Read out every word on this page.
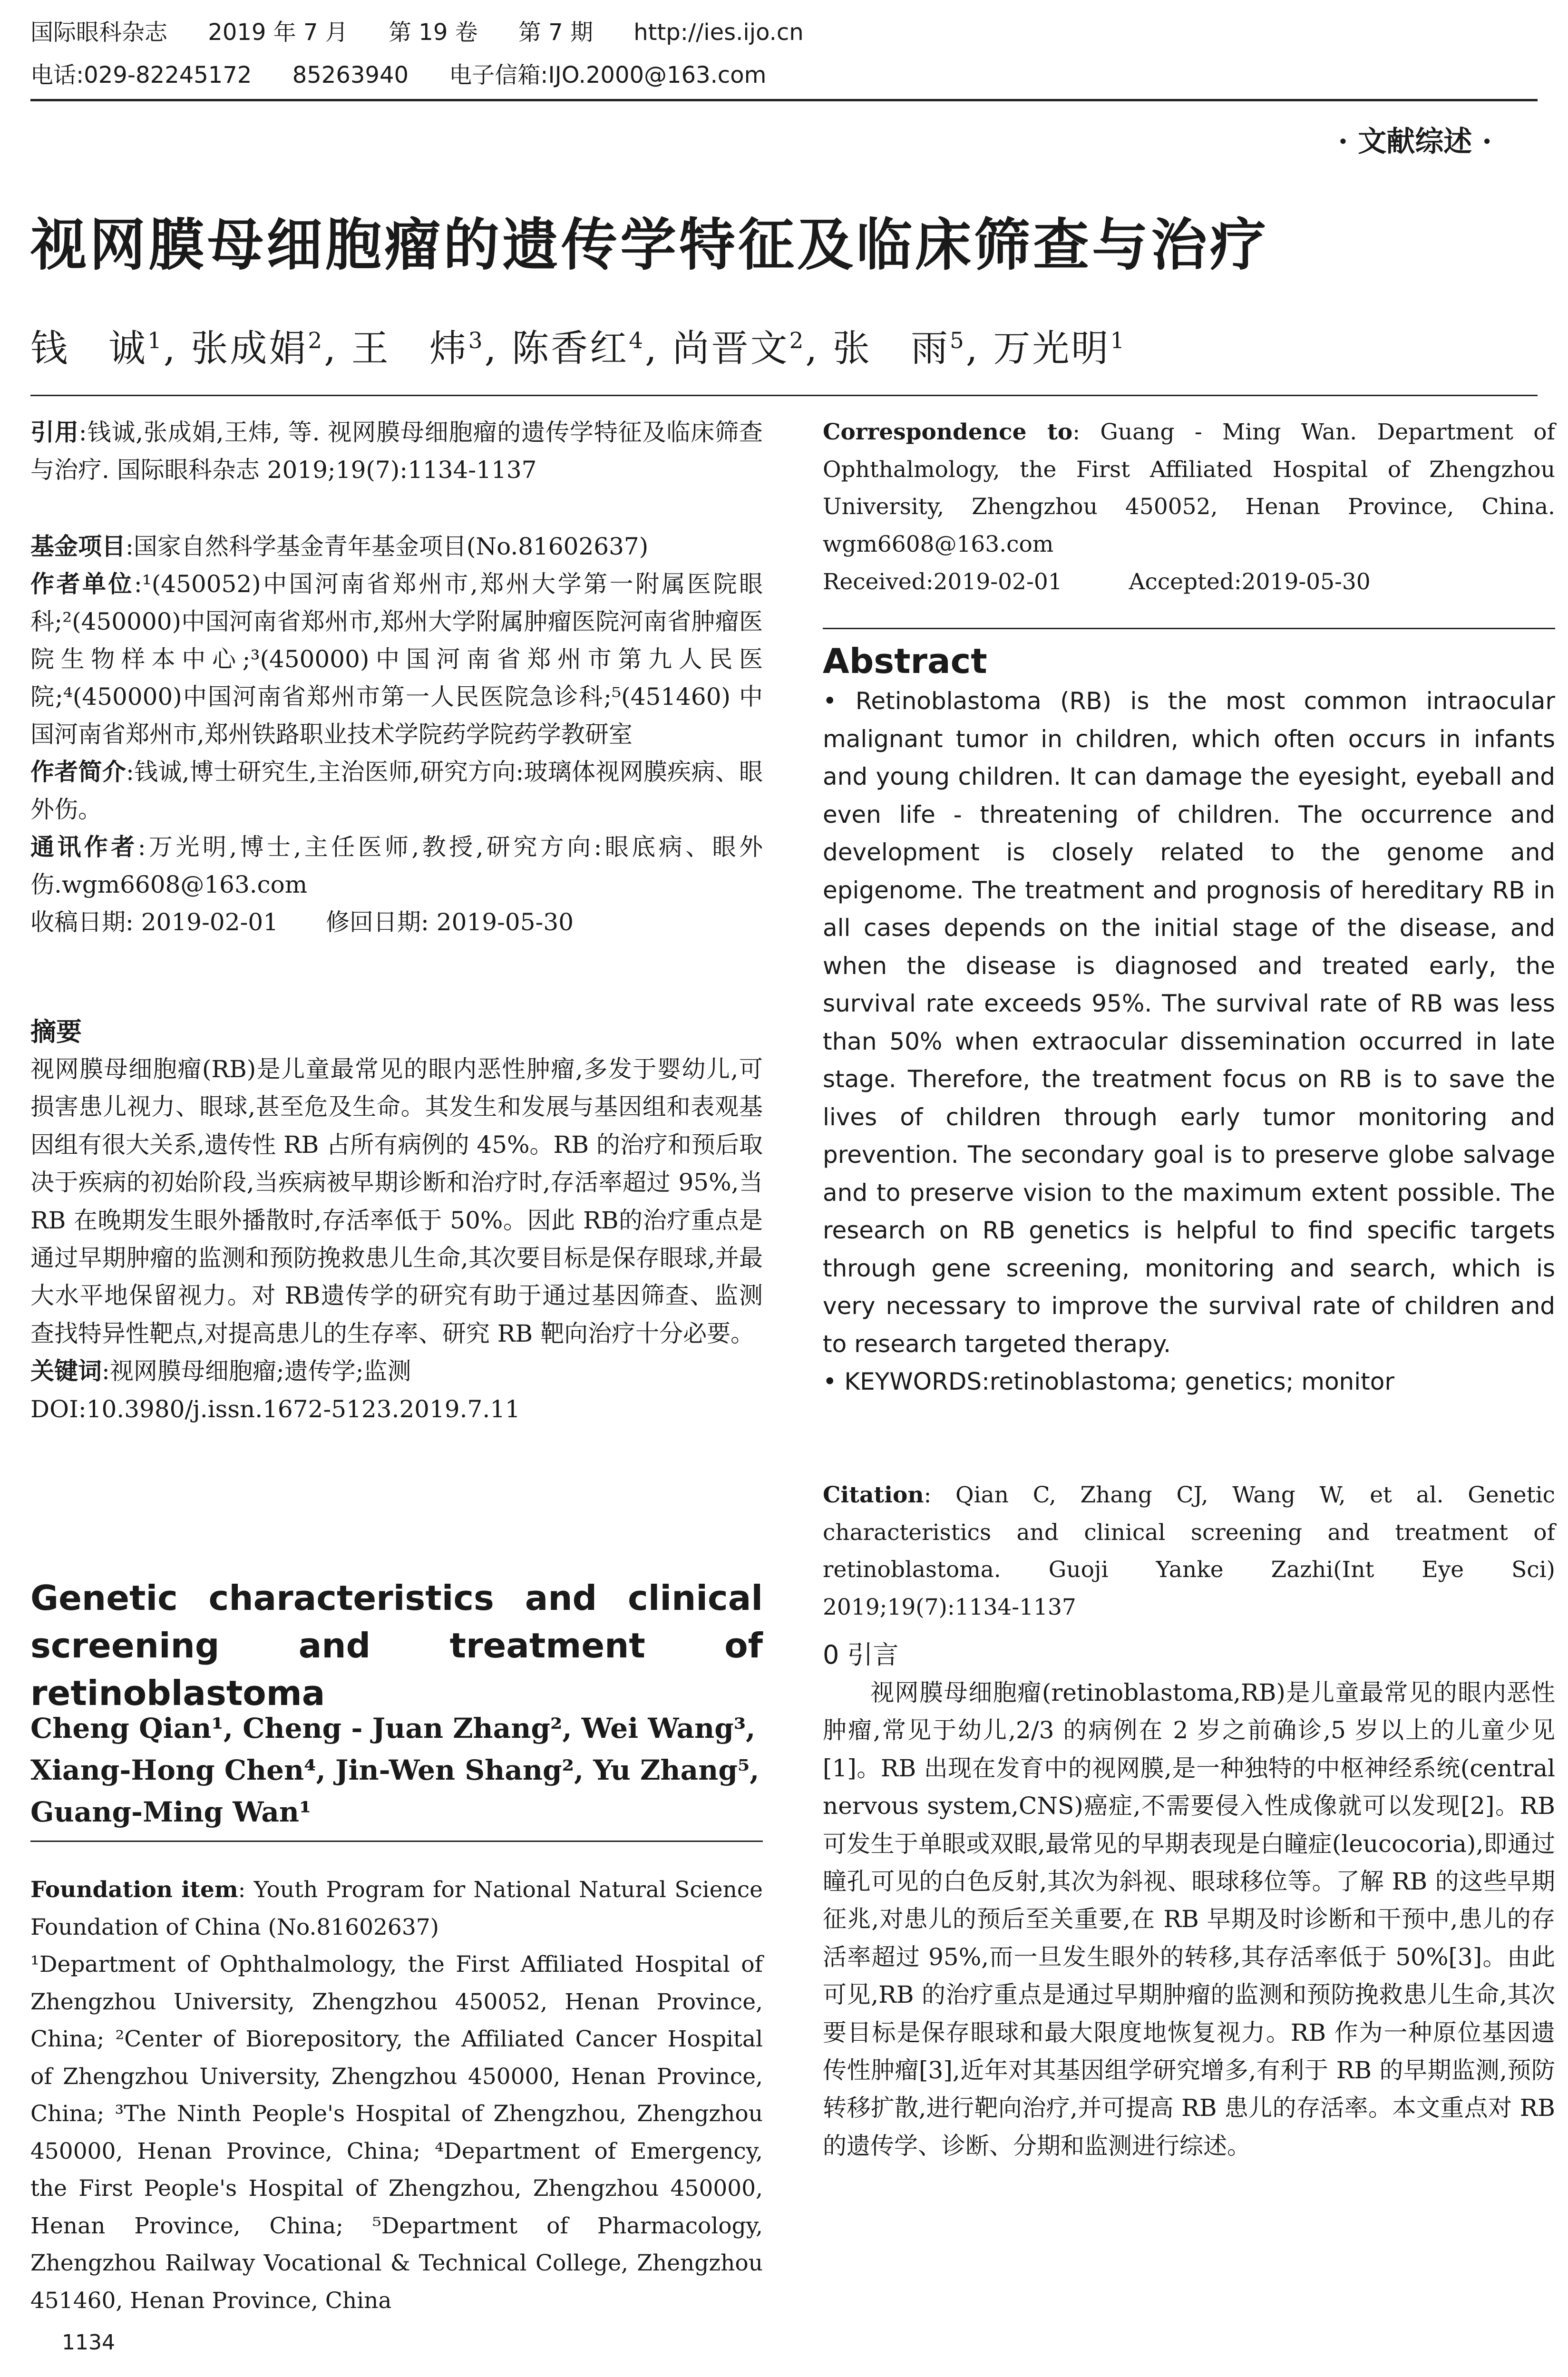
国际眼科杂志 2019 年 7 月 第 19 卷 第 7 期 http://ies.ijo.cn
电话:029-82245172 85263940 电子信箱:IJO.2000@163.com
· 文献综述 ·
视网膜母细胞瘤的遗传学特征及临床筛查与治疗
钱　诚$^1$, 张成娟$^2$, 王　炜$^3$, 陈香红$^4$, 尚晋文$^2$, 张　雨$^5$, 万光明$^1$
引用:钱诚,张成娟,王炜, 等. 视网膜母细胞瘤的遗传学特征及临床筛查与治疗. 国际眼科杂志 2019;19(7):1134-1137

基金项目:国家自然科学基金青年基金项目(No.81602637)

作者单位:¹(450052)中国河南省郑州市,郑州大学第一附属医院眼科;²(450000)中国河南省郑州市,郑州大学附属肿瘤医院河南省肿瘤医院生物样本中心;³(450000)中国河南省郑州市第九人民医院;⁴(450000)中国河南省郑州市第一人民医院急诊科;⁵(451460) 中国河南省郑州市,郑州铁路职业技术学院药学院药学教研室

作者简介:钱诚,博士研究生,主治医师,研究方向:玻璃体视网膜疾病、眼外伤。

通讯作者:万光明,博士,主任医师,教授,研究方向:眼底病、眼外伤.wgm6608@163.com

收稿日期: 2019-02-01　　修回日期: 2019-05-30

摘要
视网膜母细胞瘤(RB)是儿童最常见的眼内恶性肿瘤,多发于婴幼儿,可损害患儿视力、眼球,甚至危及生命。其发生和发展与基因组和表观基因组有很大关系,遗传性 RB 占所有病例的 45%。RB 的治疗和预后取决于疾病的初始阶段,当疾病被早期诊断和治疗时,存活率超过 95%,当RB 在晚期发生眼外播散时,存活率低于 50%。因此 RB的治疗重点是通过早期肿瘤的监测和预防挽救患儿生命,其次要目标是保存眼球,并最大水平地保留视力。对 RB遗传学的研究有助于通过基因筛查、监测查找特异性靶点,对提高患儿的生存率、研究 RB 靶向治疗十分必要。
关键词:视网膜母细胞瘤;遗传学;监测
DOI:10.3980/j.issn.1672-5123.2019.7.11
Genetic characteristics and clinical
screening and treatment of retinoblastoma
Cheng Qian¹, Cheng - Juan Zhang², Wei Wang³, Xiang-Hong Chen⁴, Jin-Wen Shang², Yu Zhang⁵, Guang-Ming Wan¹
Foundation item: Youth Program for National Natural Science Foundation of China (No.81602637)
¹Department of Ophthalmology, the First Affiliated Hospital of Zhengzhou University, Zhengzhou 450052, Henan Province, China; ²Center of Biorepository, the Affiliated Cancer Hospital of Zhengzhou University, Zhengzhou 450000, Henan Province, China; ³The Ninth People's Hospital of Zhengzhou, Zhengzhou 450000, Henan Province, China; ⁴Department of Emergency, the First People's Hospital of Zhengzhou, Zhengzhou 450000, Henan Province, China; ⁵Department of Pharmacology, Zhengzhou Railway Vocational & Technical College, Zhengzhou 451460, Henan Province, China
Correspondence to: Guang - Ming Wan. Department of Ophthalmology, the First Affiliated Hospital of Zhengzhou University, Zhengzhou 450052, Henan Province, China. wgm6608@163.com
Received:2019-02-01	Accepted:2019-05-30
Abstract
• Retinoblastoma (RB) is the most common intraocular malignant tumor in children, which often occurs in infants and young children. It can damage the eyesight, eyeball and even life - threatening of children. The occurrence and development is closely related to the genome and epigenome. The treatment and prognosis of hereditary RB in all cases depends on the initial stage of the disease, and when the disease is diagnosed and treated early, the survival rate exceeds 95%. The survival rate of RB was less than 50% when extraocular dissemination occurred in late stage. Therefore, the treatment focus on RB is to save the lives of children through early tumor monitoring and prevention. The secondary goal is to preserve globe salvage and to preserve vision to the maximum extent possible. The research on RB genetics is helpful to find specific targets through gene screening, monitoring and search, which is very necessary to improve the survival rate of children and to research targeted therapy.
• KEYWORDS:retinoblastoma; genetics; monitor
Citation: Qian C, Zhang CJ, Wang W, et al. Genetic characteristics and clinical screening and treatment of retinoblastoma. Guoji Yanke Zazhi(Int Eye Sci) 2019;19(7):1134-1137
0 引言
视网膜母细胞瘤(retinoblastoma,RB)是儿童最常见的眼内恶性肿瘤,常见于幼儿,2/3 的病例在 2 岁之前确诊,5 岁以上的儿童少见[1]。RB 出现在发育中的视网膜,是一种独特的中枢神经系统(central nervous system,CNS)癌症,不需要侵入性成像就可以发现[2]。RB 可发生于单眼或双眼,最常见的早期表现是白瞳症(leucocoria),即通过瞳孔可见的白色反射,其次为斜视、眼球移位等。了解 RB 的这些早期征兆,对患儿的预后至关重要,在 RB 早期及时诊断和干预中,患儿的存活率超过 95%,而一旦发生眼外的转移,其存活率低于 50%[3]。由此可见,RB 的治疗重点是通过早期肿瘤的监测和预防挽救患儿生命,其次要目标是保存眼球和最大限度地恢复视力。RB 作为一种原位基因遗传性肿瘤[3],近年对其基因组学研究增多,有利于 RB 的早期监测,预防转移扩散,进行靶向治疗,并可提高 RB 患儿的存活率。本文重点对 RB 的遗传学、诊断、分期和监测进行综述。
1134
